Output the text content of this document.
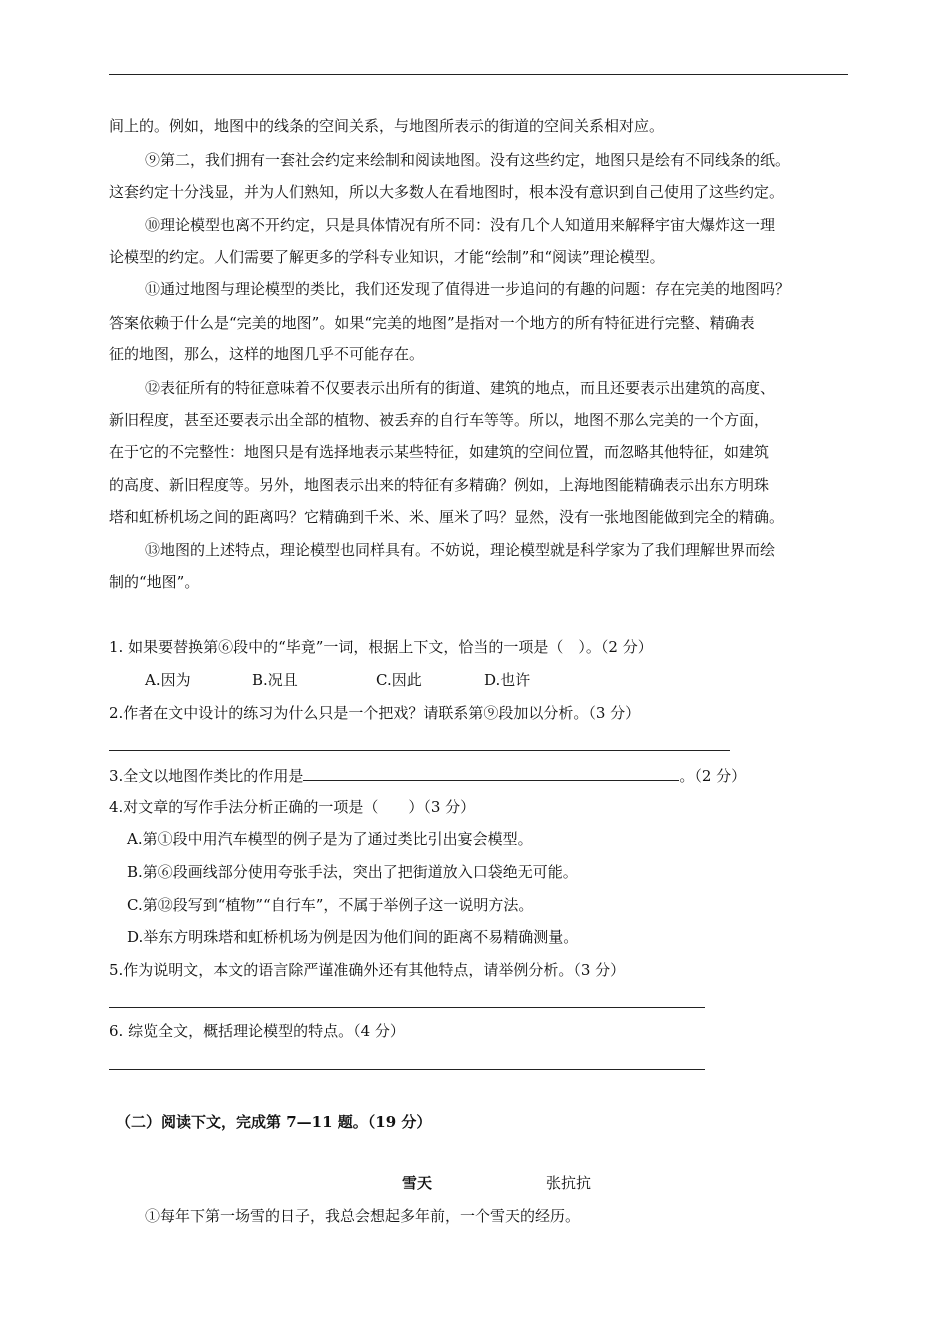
间上的。例如，地图中的线条的空间关系，与地图所表示的街道的空间关系相对应。
⑨第二，我们拥有一套社会约定来绘制和阅读地图。没有这些约定，地图只是绘有不同线条的纸。
这套约定十分浅显，并为人们熟知，所以大多数人在看地图时，根本没有意识到自己使用了这些约定。
⑩理论模型也离不开约定，只是具体情况有所不同：没有几个人知道用来解释宇宙大爆炸这一理
论模型的约定。人们需要了解更多的学科专业知识，才能“绘制”和“阅读”理论模型。
⑪通过地图与理论模型的类比，我们还发现了值得进一步追问的有趣的问题：存在完美的地图吗？
答案依赖于什么是“完美的地图”。如果“完美的地图”是指对一个地方的所有特征进行完整、精确表
征的地图，那么，这样的地图几乎不可能存在。
⑫表征所有的特征意味着不仅要表示出所有的街道、建筑的地点，而且还要表示出建筑的高度、
新旧程度，甚至还要表示出全部的植物、被丢弃的自行车等等。所以，地图不那么完美的一个方面，
在于它的不完整性：地图只是有选择地表示某些特征，如建筑的空间位置，而忽略其他特征，如建筑
的高度、新旧程度等。另外，地图表示出来的特征有多精确？例如，上海地图能精确表示出东方明珠
塔和虹桥机场之间的距离吗？它精确到千米、米、厘米了吗？显然，没有一张地图能做到完全的精确。
⑬地图的上述特点，理论模型也同样具有。不妨说，理论模型就是科学家为了我们理解世界而绘
制的“地图”。
1. 如果要替换第⑥段中的“毕竟”一词，根据上下文，恰当的一项是（　）。（2 分）
A.因为	B.况且	C.因此	D.也许
2.作者在文中设计的练习为什么只是一个把戏？请联系第⑨段加以分析。（3 分）
3.全文以地图作类比的作用是	。（2 分）
4.对文章的写作手法分析正确的一项是（　　）（3 分）
A.第①段中用汽车模型的例子是为了通过类比引出宴会模型。
B.第⑥段画线部分使用夸张手法，突出了把街道放入口袋绝无可能。
C.第⑫段写到“植物”“自行车”，不属于举例子这一说明方法。
D.举东方明珠塔和虹桥机场为例是因为他们间的距离不易精确测量。
5.作为说明文，本文的语言除严谨准确外还有其他特点，请举例分析。（3 分）
6. 综览全文，概括理论模型的特点。（4 分）
（二）阅读下文，完成第 7—11 题。（19 分）
雪天	张抗抗
①每年下第一场雪的日子，我总会想起多年前，一个雪天的经历。
